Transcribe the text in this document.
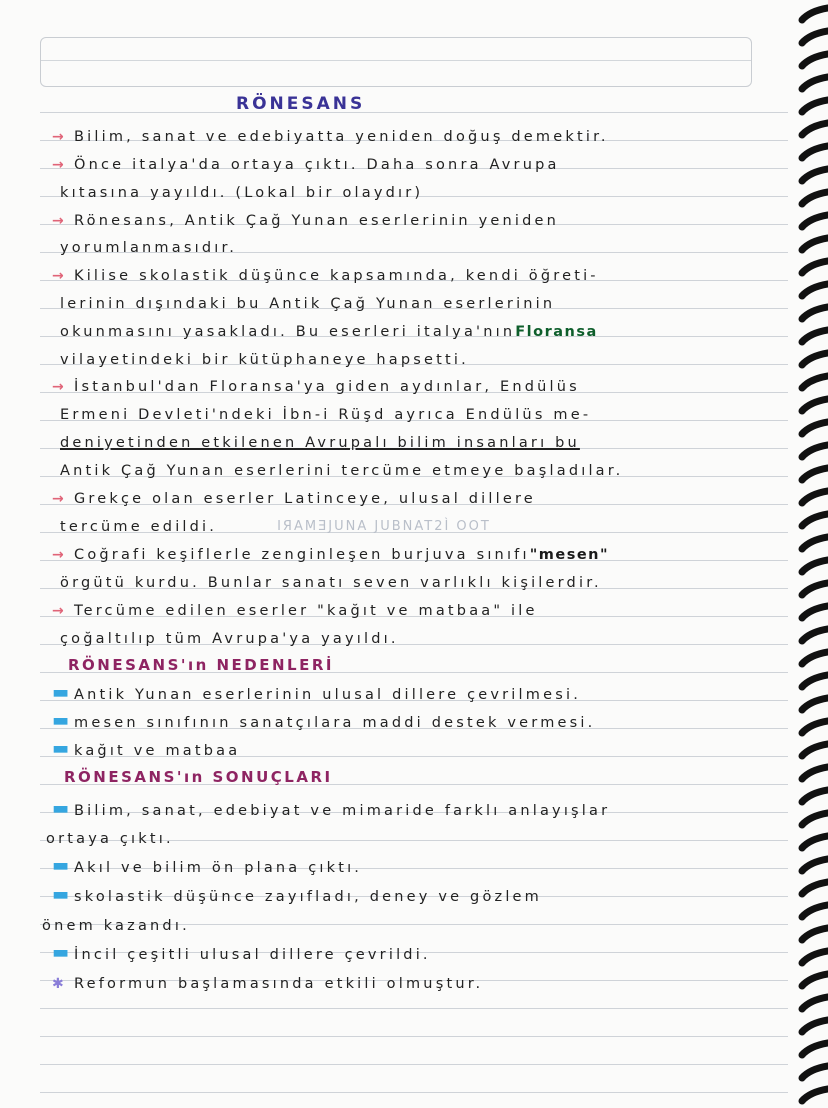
RÖNESANS
→ Bilim, sanat ve edebiyatta yeniden doğuş demektir.
→ Önce italya'da ortaya çıktı. Daha sonra Avrupa
kıtasına yayıldı. (Lokal bir olaydır)
→ Rönesans, Antik Çağ Yunan eserlerinin yeniden
yorumlanmasıdır.
→ Kilise skolastik düşünce kapsamında, kendi öğreti-
lerinin dışındaki bu Antik Çağ Yunan eserlerinin
okunmasını yasakladı. Bu eserleri italya'nın Floransa
vilayetindeki bir kütüphaneye hapsetti.
→ İstanbul'dan Floransa'ya giden aydınlar, Endülüs
Ermeni Devleti'ndeki İbn-i Rüşd ayrıca Endülüs me-
deniyetinden etkilenen Avrupalı bilim insanları bu
Antik Çağ Yunan eserlerini tercüme etmeye başladılar.
→ Grekçe olan eserler Latinceye, ulusal dillere
tercüme edildi.	IЯAMƎJUNA JUBNAT2Ì ООТ
→ Coğrafi keşiflerle zenginleşen burjuva sınıfı "mesen"
örgütü kurdu. Bunlar sanatı seven varlıklı kişilerdir.
→ Tercüme edilen eserler "kağıt ve matbaa" ile
çoğaltılıp tüm Avrupa'ya yayıldı.
RÖNESANS'ın NEDENLERİ
▬ Antik Yunan eserlerinin ulusal dillere çevrilmesi.
▬ mesen sınıfının sanatçılara maddi destek vermesi.
▬ kağıt ve matbaa
RÖNESANS'ın SONUÇLARI
▬ Bilim, sanat, edebiyat ve mimaride farklı anlayışlar
ortaya çıktı.
▬ Akıl ve bilim ön plana çıktı.
▬ skolastik düşünce zayıfladı, deney ve gözlem
önem kazandı.
▬ İncil çeşitli ulusal dillere çevrildi.
✱ Reformun başlamasında etkili olmuştur.
